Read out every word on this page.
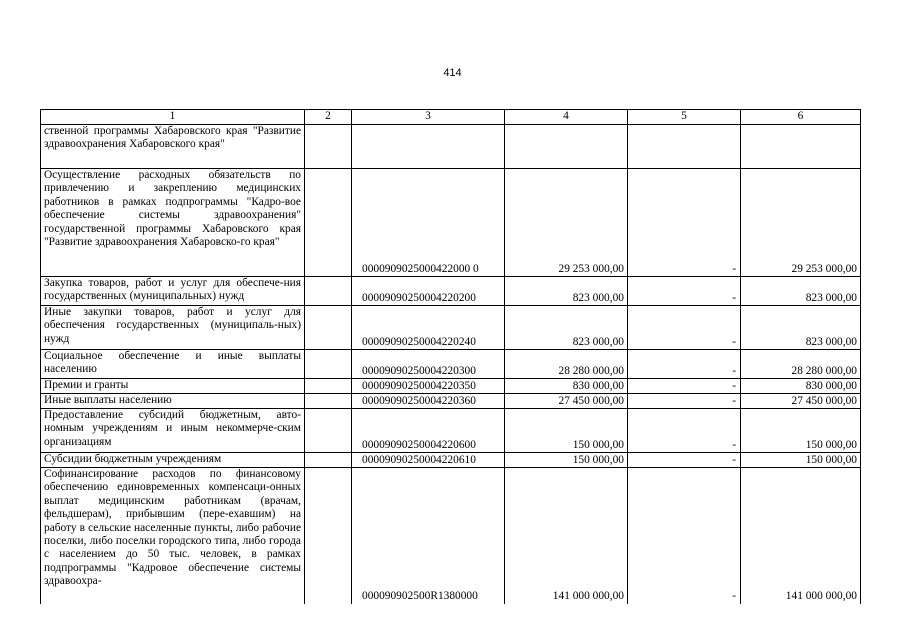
414
1	2	3	4	5	6
ственной программы Хабаровского края "Развитие здравоохранения Хабаровского края"					
Осуществление расходных обязательств по привлечению и закреплению медицинских работников в рамках подпрограммы "Кадро-вое обеспечение системы здравоохранения" государственной программы Хабаровского края "Развитие здравоохранения Хабаровско-го края"		0000909025000422000 0	29 253 000,00	-	29 253 000,00
Закупка товаров, работ и услуг для обеспече-ния государственных (муниципальных) нужд		00009090250004220200	823 000,00	-	823 000,00
Иные закупки товаров, работ и услуг для обеспечения государственных (муниципаль-ных) нужд		00009090250004220240	823 000,00	-	823 000,00
Социальное обеспечение и иные выплаты населению		00009090250004220300	28 280 000,00	-	28 280 000,00
Премии и гранты		00009090250004220350	830 000,00	-	830 000,00
Иные выплаты населению		00009090250004220360	27 450 000,00	-	27 450 000,00
Предоставление субсидий бюджетным, авто-номным учреждениям и иным некоммерче-ским организациям		00009090250004220600	150 000,00	-	150 000,00
Субсидии бюджетным учреждениям		00009090250004220610	150 000,00	-	150 000,00
Софинансирование расходов по финансовому обеспечению единовременных компенсаци-онных выплат медицинским работникам (врачам, фельдшерам), прибывшим (пере-ехавшим) на работу в сельские населенные пункты, либо рабочие поселки, либо поселки городского типа, либо города с населением до 50 тыс. человек, в рамках подпрограммы "Кадровое обеспечение системы здравоохра-		000090902500R1380000	141 000 000,00	-	141 000 000,00
